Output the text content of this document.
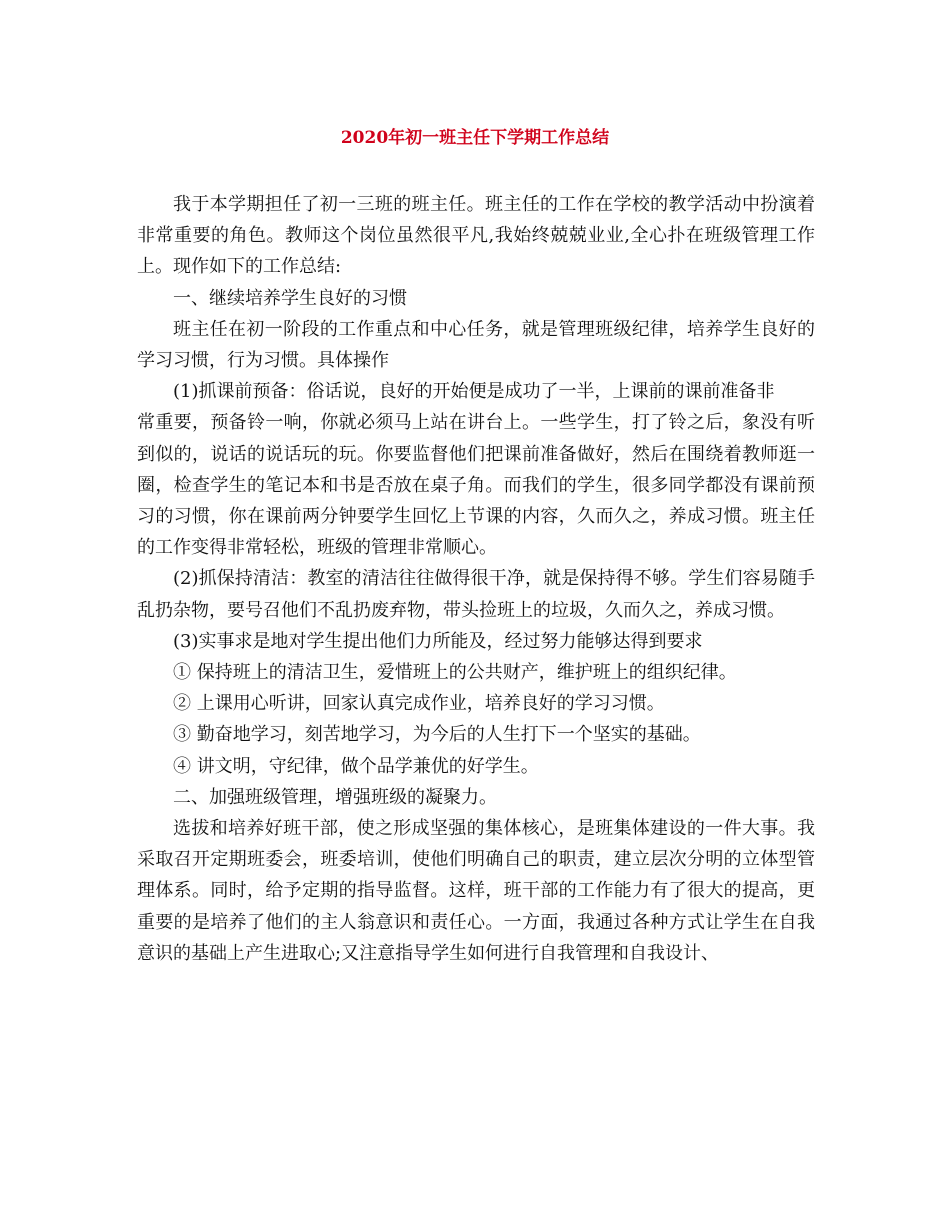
2020年初一班主任下学期工作总结

我于本学期担任了初一三班的班主任。班主任的工作在学校的教学活动中扮演着非常重要的角色。教师这个岗位虽然很平凡,我始终兢兢业业,全心扑在班级管理工作上。现作如下的工作总结:

一、继续培养学生良好的习惯

班主任在初一阶段的工作重点和中心任务，就是管理班级纪律，培养学生良好的学习习惯，行为习惯。具体操作

(1)抓课前预备：俗话说，良好的开始便是成功了一半，上课前的课前准备非

常重要，预备铃一响，你就必须马上站在讲台上。一些学生，打了铃之后，象没有听到似的，说话的说话玩的玩。你要监督他们把课前准备做好，然后在围绕着教师逛一圈，检查学生的笔记本和书是否放在桌子角。而我们的学生，很多同学都没有课前预习的习惯，你在课前两分钟要学生回忆上节课的内容，久而久之，养成习惯。班主任的工作变得非常轻松，班级的管理非常顺心。

(2)抓保持清洁：教室的清洁往往做得很干净，就是保持得不够。学生们容易随手乱扔杂物，要号召他们不乱扔废弃物，带头捡班上的垃圾，久而久之，养成习惯。

(3)实事求是地对学生提出他们力所能及，经过努力能够达得到要求

① 保持班上的清洁卫生，爱惜班上的公共财产，维护班上的组织纪律。

② 上课用心听讲，回家认真完成作业，培养良好的学习习惯。

③ 勤奋地学习，刻苦地学习，为今后的人生打下一个坚实的基础。

④ 讲文明，守纪律，做个品学兼优的好学生。

二、加强班级管理，增强班级的凝聚力。

选拔和培养好班干部，使之形成坚强的集体核心，是班集体建设的一件大事。我采取召开定期班委会，班委培训，使他们明确自己的职责，建立层次分明的立体型管理体系。同时，给予定期的指导监督。这样，班干部的工作能力有了很大的提高，更重要的是培养了他们的主人翁意识和责任心。一方面，我通过各种方式让学生在自我意识的基础上产生进取心;又注意指导学生如何进行自我管理和自我设计、
